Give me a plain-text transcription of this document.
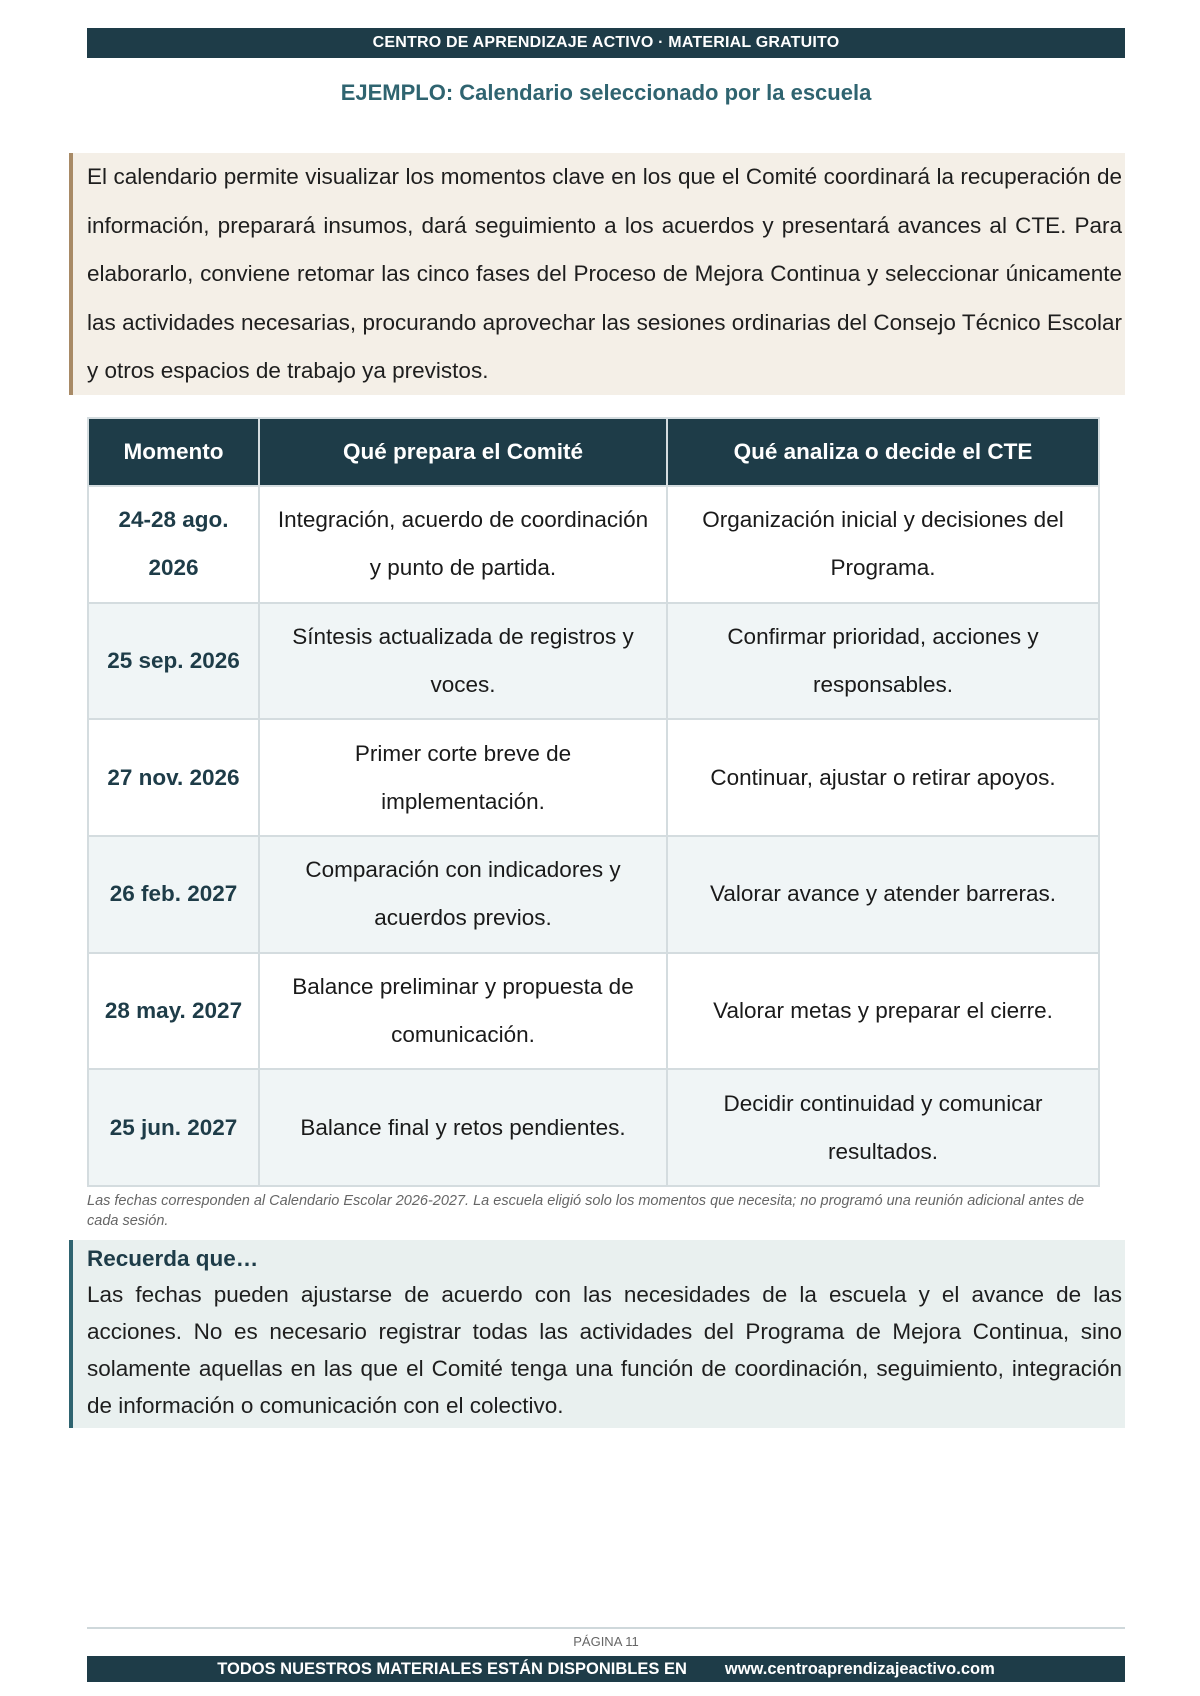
CENTRO DE APRENDIZAJE ACTIVO · MATERIAL GRATUITO
EJEMPLO: Calendario seleccionado por la escuela
El calendario permite visualizar los momentos clave en los que el Comité coordinará la recuperación de información, preparará insumos, dará seguimiento a los acuerdos y presentará avances al CTE. Para elaborarlo, conviene retomar las cinco fases del Proceso de Mejora Continua y seleccionar únicamente las actividades necesarias, procurando aprovechar las sesiones ordinarias del Consejo Técnico Escolar y otros espacios de trabajo ya previstos.
Momento	Qué prepara el Comité	Qué analiza o decide el CTE
24-28 ago. 2026	Integración, acuerdo de coordinación y punto de partida.	Organización inicial y decisiones del Programa.
25 sep. 2026	Síntesis actualizada de registros y voces.	Confirmar prioridad, acciones y responsables.
27 nov. 2026	Primer corte breve de implementación.	Continuar, ajustar o retirar apoyos.
26 feb. 2027	Comparación con indicadores y acuerdos previos.	Valorar avance y atender barreras.
28 may. 2027	Balance preliminar y propuesta de comunicación.	Valorar metas y preparar el cierre.
25 jun. 2027	Balance final y retos pendientes.	Decidir continuidad y comunicar resultados.
Las fechas corresponden al Calendario Escolar 2026-2027. La escuela eligió solo los momentos que necesita; no programó una reunión adicional antes de cada sesión.
Recuerda que…
Las fechas pueden ajustarse de acuerdo con las necesidades de la escuela y el avance de las acciones. No es necesario registrar todas las actividades del Programa de Mejora Continua, sino solamente aquellas en las que el Comité tenga una función de coordinación, seguimiento, integración de información o comunicación con el colectivo.
PÁGINA 11
TODOS NUESTROS MATERIALES ESTÁN DISPONIBLES EN www.centroaprendizajeactivo.com
